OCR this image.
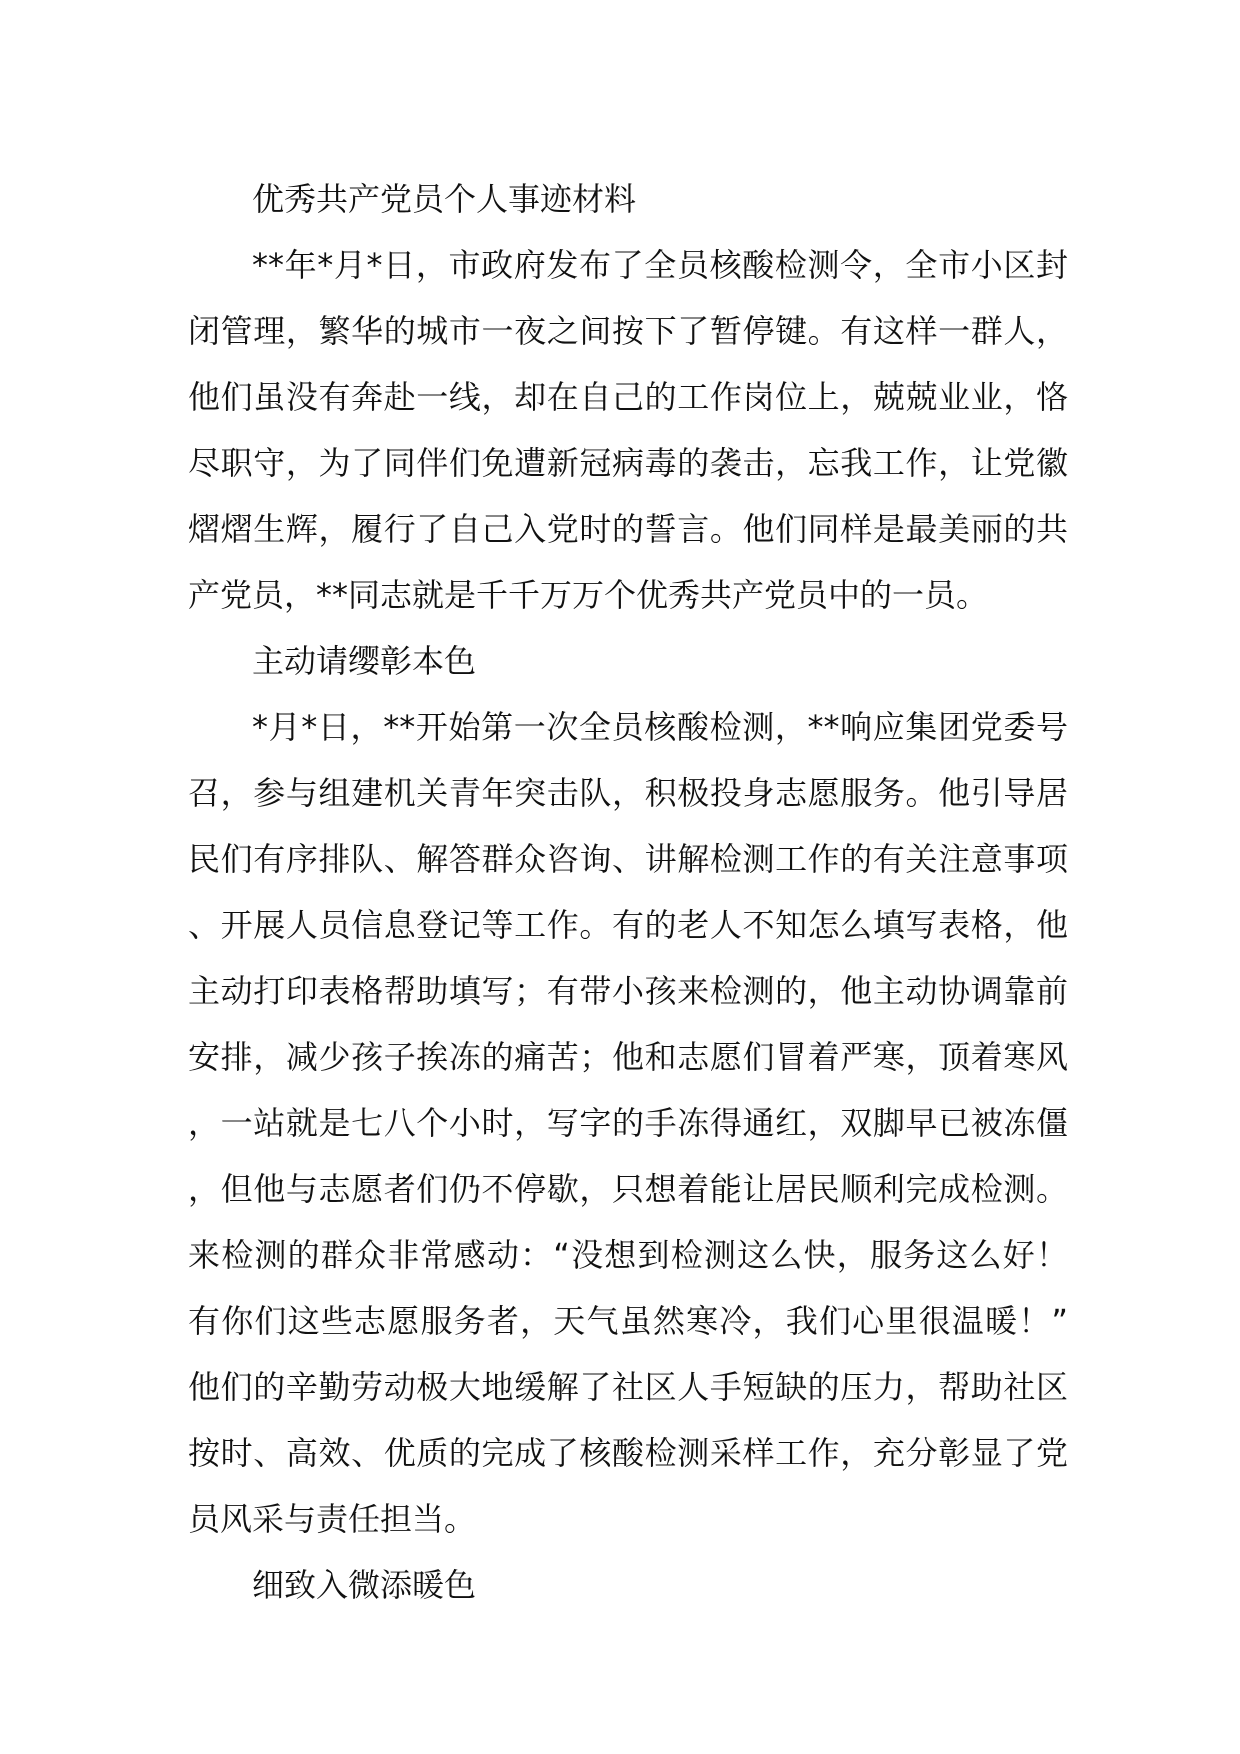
优秀共产党员个人事迹材料

**年*月*日，市政府发布了全员核酸检测令，全市小区封闭管理，繁华的城市一夜之间按下了暂停键。有这样一群人，他们虽没有奔赴一线，却在自己的工作岗位上，兢兢业业，恪尽职守，为了同伴们免遭新冠病毒的袭击，忘我工作，让党徽熠熠生辉，履行了自己入党时的誓言。他们同样是最美丽的共产党员，**同志就是千千万万个优秀共产党员中的一员。

主动请缨彰本色

*月*日，**开始第一次全员核酸检测，**响应集团党委号召，参与组建机关青年突击队，积极投身志愿服务。他引导居民们有序排队、解答群众咨询、讲解检测工作的有关注意事项、开展人员信息登记等工作。有的老人不知怎么填写表格，他主动打印表格帮助填写；有带小孩来检测的，他主动协调靠前安排，减少孩子挨冻的痛苦；他和志愿们冒着严寒，顶着寒风，一站就是七八个小时，写字的手冻得通红，双脚早已被冻僵，但他与志愿者们仍不停歇，只想着能让居民顺利完成检测。来检测的群众非常感动：“没想到检测这么快，服务这么好！有你们这些志愿服务者，天气虽然寒冷，我们心里很温暖！”他们的辛勤劳动极大地缓解了社区人手短缺的压力，帮助社区按时、高效、优质的完成了核酸检测采样工作，充分彰显了党员风采与责任担当。

细致入微添暖色
